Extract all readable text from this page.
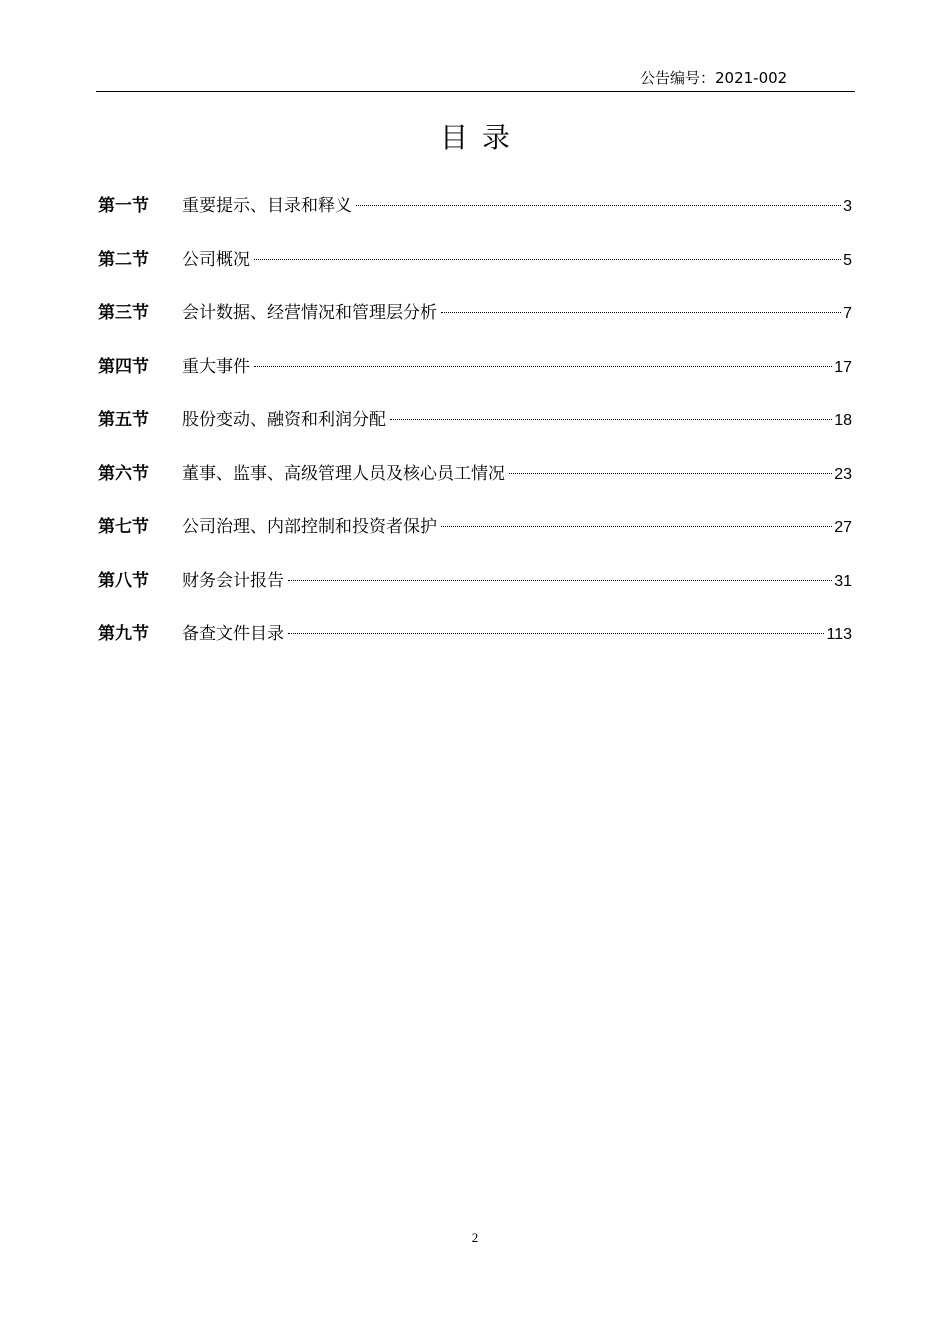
公告编号：2021-002
目录
第一节	重要提示、目录和释义	3
第二节	公司概况	5
第三节	会计数据、经营情况和管理层分析	7
第四节	重大事件	17
第五节	股份变动、融资和利润分配	18
第六节	董事、监事、高级管理人员及核心员工情况	23
第七节	公司治理、内部控制和投资者保护	27
第八节	财务会计报告	31
第九节	备查文件目录	113
2
